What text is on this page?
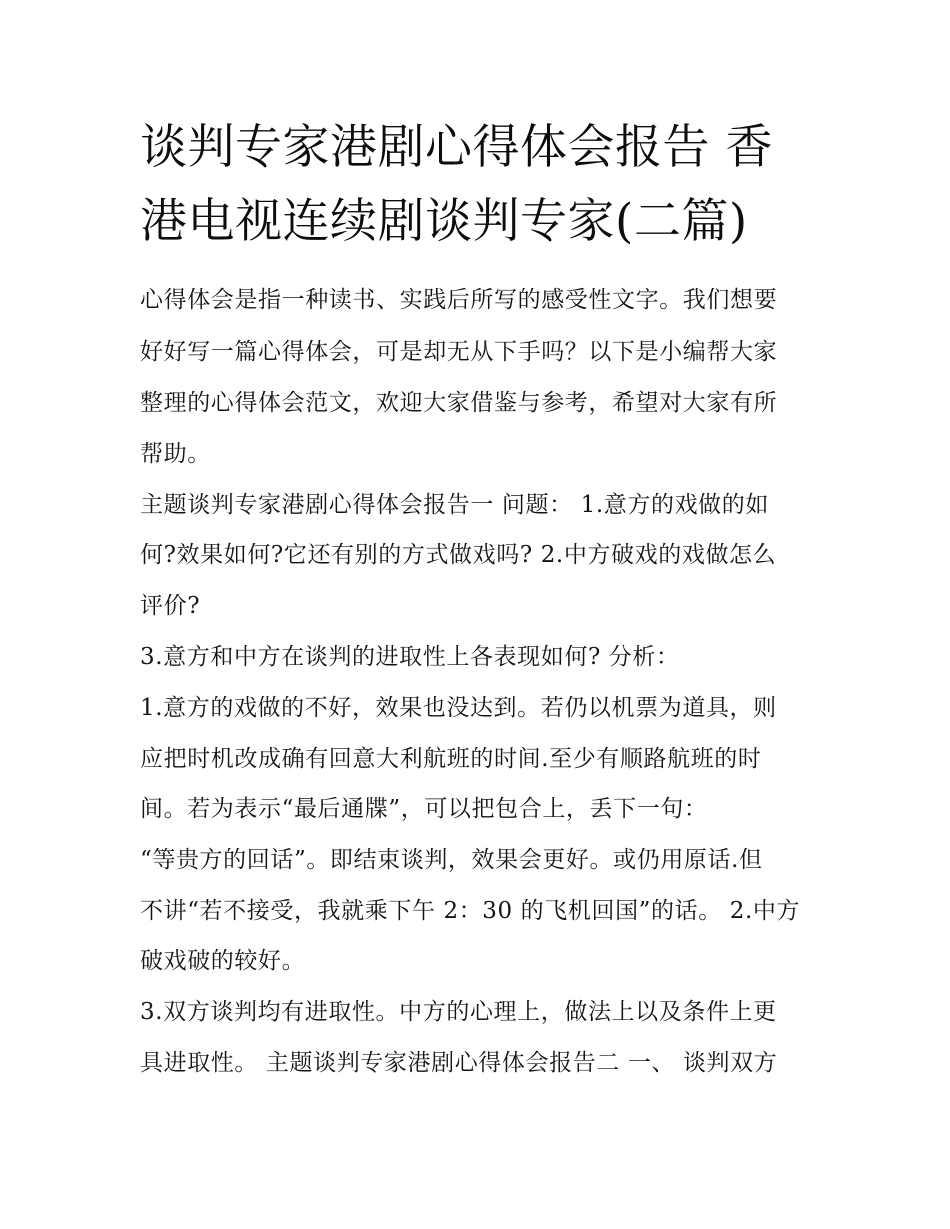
谈判专家港剧心得体会报告 香
港电视连续剧谈判专家(二篇)
心得体会是指一种读书、实践后所写的感受性文字。我们想要
好好写一篇心得体会，可是却无从下手吗？以下是小编帮大家
整理的心得体会范文，欢迎大家借鉴与参考，希望对大家有所
帮助。
主题谈判专家港剧心得体会报告一 问题： 1.意方的戏做的如
何?效果如何?它还有别的方式做戏吗? 2.中方破戏的戏做怎么
评价?
3.意方和中方在谈判的进取性上各表现如何? 分析：
1.意方的戏做的不好，效果也没达到。若仍以机票为道具，则
应把时机改成确有回意大利航班的时间.至少有顺路航班的时
间。若为表示“最后通牒”，可以把包合上，丢下一句：
“等贵方的回话”。即结束谈判，效果会更好。或仍用原话.但
不讲“若不接受，我就乘下午 2：30 的飞机回国”的话。 2.中方
破戏破的较好。
3.双方谈判均有进取性。中方的心理上，做法上以及条件上更
具进取性。 主题谈判专家港剧心得体会报告二 一、 谈判双方
